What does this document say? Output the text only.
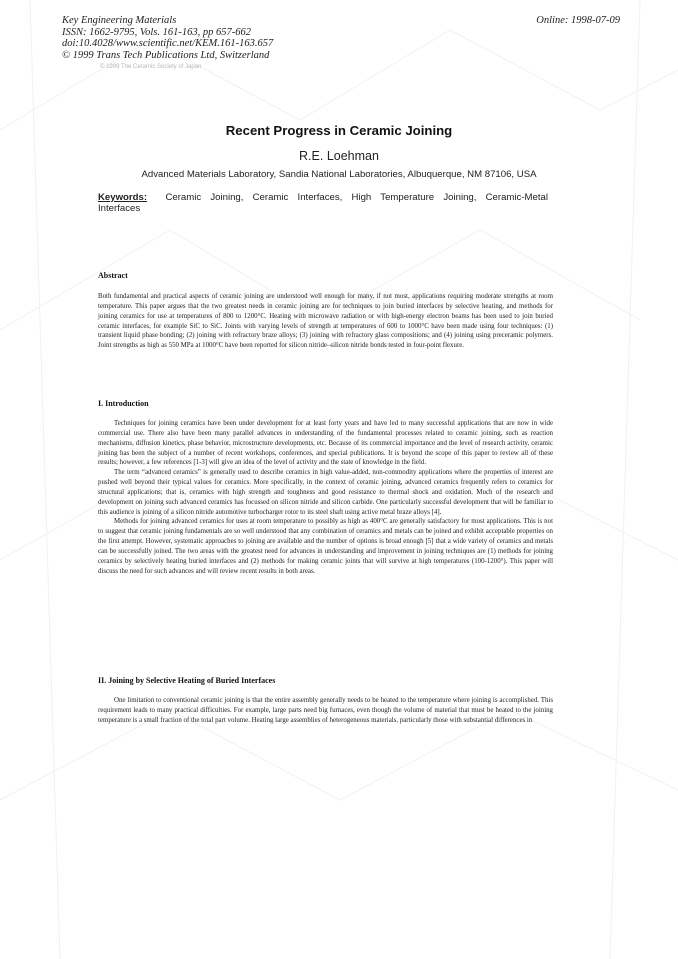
Key Engineering Materials
ISSN: 1662-9795, Vols. 161-163, pp 657-662
doi:10.4028/www.scientific.net/KEM.161-163.657
© 1999 Trans Tech Publications Ltd, Switzerland
Online: 1998-07-09
© 1999 The Ceramic Society of Japan
Recent Progress in Ceramic Joining
R.E. Loehman
Advanced Materials Laboratory, Sandia National Laboratories, Albuquerque, NM 87106, USA
Keywords: Ceramic Joining, Ceramic Interfaces, High Temperature Joining, Ceramic-Metal Interfaces
Abstract

Both fundamental and practical aspects of ceramic joining are understood well enough for many, if not most, applications requiring moderate strengths at room temperature. This paper argues that the two greatest needs in ceramic joining are for techniques to join buried interfaces by selective heating, and methods for joining ceramics for use at temperatures of 800 to 1200°C. Heating with microwave radiation or with high-energy electron beams has been used to join buried ceramic interfaces, for example SiC to SiC. Joints with varying levels of strength at temperatures of 600 to 1000°C have been made using four techniques: (1) transient liquid phase bonding; (2) joining with refractory braze alloys; (3) joining with refractory glass compositions; and (4) joining using preceramic polymers. Joint strengths as high as 550 MPa at 1000°C have been reported for silicon nitride–silicon nitride bonds tested in four-point flexure.

I. Introduction

Techniques for joining ceramics have been under development for at least forty years and have led to many successful applications that are now in wide commercial use. There also have been many parallel advances in understanding of the fundamental processes related to ceramic joining, such as reaction mechanisms, diffusion kinetics, phase behavior, microstructure developments, etc. Because of its commercial importance and the level of research activity, ceramic joining has been the subject of a number of recent workshops, conferences, and special publications. It is beyond the scope of this paper to review all of these results; however, a few references [1-3] will give an idea of the level of activity and the state of knowledge in the field.

The term “advanced ceramics” is generally used to describe ceramics in high value-added, non-commodity applications where the properties of interest are pushed well beyond their typical values for ceramics. More specifically, in the context of ceramic joining, advanced ceramics frequently refers to ceramics for structural applications; that is, ceramics with high strength and toughness and good resistance to thermal shock and oxidation. Much of the research and development on joining such advanced ceramics has focussed on silicon nitride and silicon carbide. One particularly successful development that will be familiar to this audience is joining of a silicon nitride automotive turbocharger rotor to its steel shaft using active metal braze alloys [4].

Methods for joining advanced ceramics for uses at room temperature to possibly as high as 400°C are generally satisfactory for most applications. This is not to suggest that ceramic joining fundamentals are so well understood that any combination of ceramics and metals can be joined and exhibit acceptable properties on the first attempt. However, systematic approaches to joining are available and the number of options is broad enough [5] that a wide variety of ceramics and metals can be successfully joined. The two areas with the greatest need for advances in understanding and improvement in joining techniques are (1) methods for joining ceramics by selectively heating buried interfaces and (2) methods for making ceramic joints that will survive at high temperatures (100-1200°). This paper will discuss the need for such advances and will review recent results in both areas.

II. Joining by Selective Heating of Buried Interfaces

One limitation to conventional ceramic joining is that the entire assembly generally needs to be heated to the temperature where joining is accomplished. This requirement leads to many practical difficulties. For example, large parts need big furnaces, even though the volume of material that must be heated to the joining temperature is a small fraction of the total part volume. Heating large assemblies of heterogeneous materials, particularly those with substantial differences in
